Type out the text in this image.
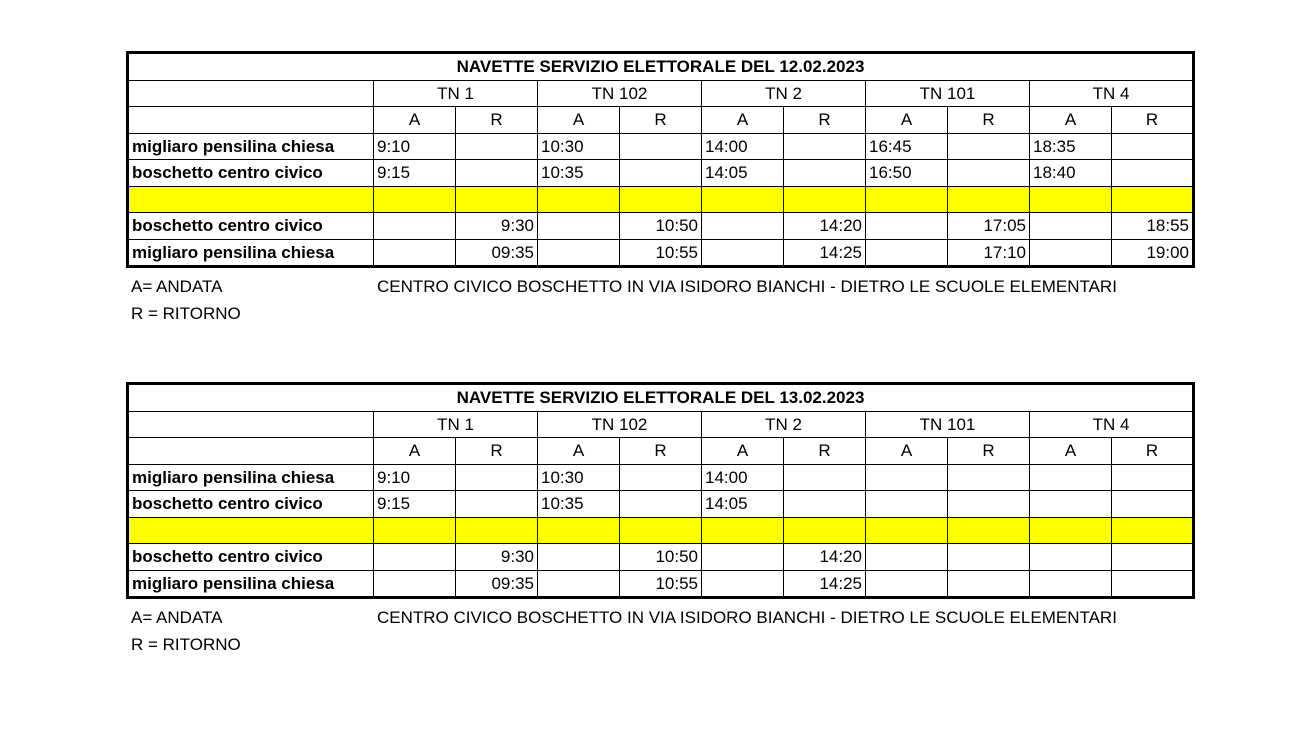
NAVETTE SERVIZIO ELETTORALE DEL 12.02.2023										
	TN 1		TN 102		TN 2		TN 101		TN 4	
	A	R	A	R	A	R	A	R	A	R
migliaro pensilina chiesa	9:10		10:30		14:00		16:45		18:35	
boschetto centro civico	9:15		10:35		14:05		16:50		18:40	

boschetto centro civico		9:30		10:50		14:20		17:05		18:55
migliaro pensilina chiesa		09:35		10:55		14:25		17:10		19:00
A= ANDATA	CENTRO CIVICO BOSCHETTO IN VIA ISIDORO BIANCHI - DIETRO LE SCUOLE ELEMENTARI
R = RITORNO
NAVETTE SERVIZIO ELETTORALE DEL 13.02.2023										
	TN 1		TN 102		TN 2		TN 101		TN 4	
	A	R	A	R	A	R	A	R	A	R
migliaro pensilina chiesa	9:10		10:30		14:00					
boschetto centro civico	9:15		10:35		14:05					

boschetto centro civico		9:30		10:50		14:20				
migliaro pensilina chiesa		09:35		10:55		14:25				
A= ANDATA	CENTRO CIVICO BOSCHETTO IN VIA ISIDORO BIANCHI - DIETRO LE SCUOLE ELEMENTARI
R = RITORNO
